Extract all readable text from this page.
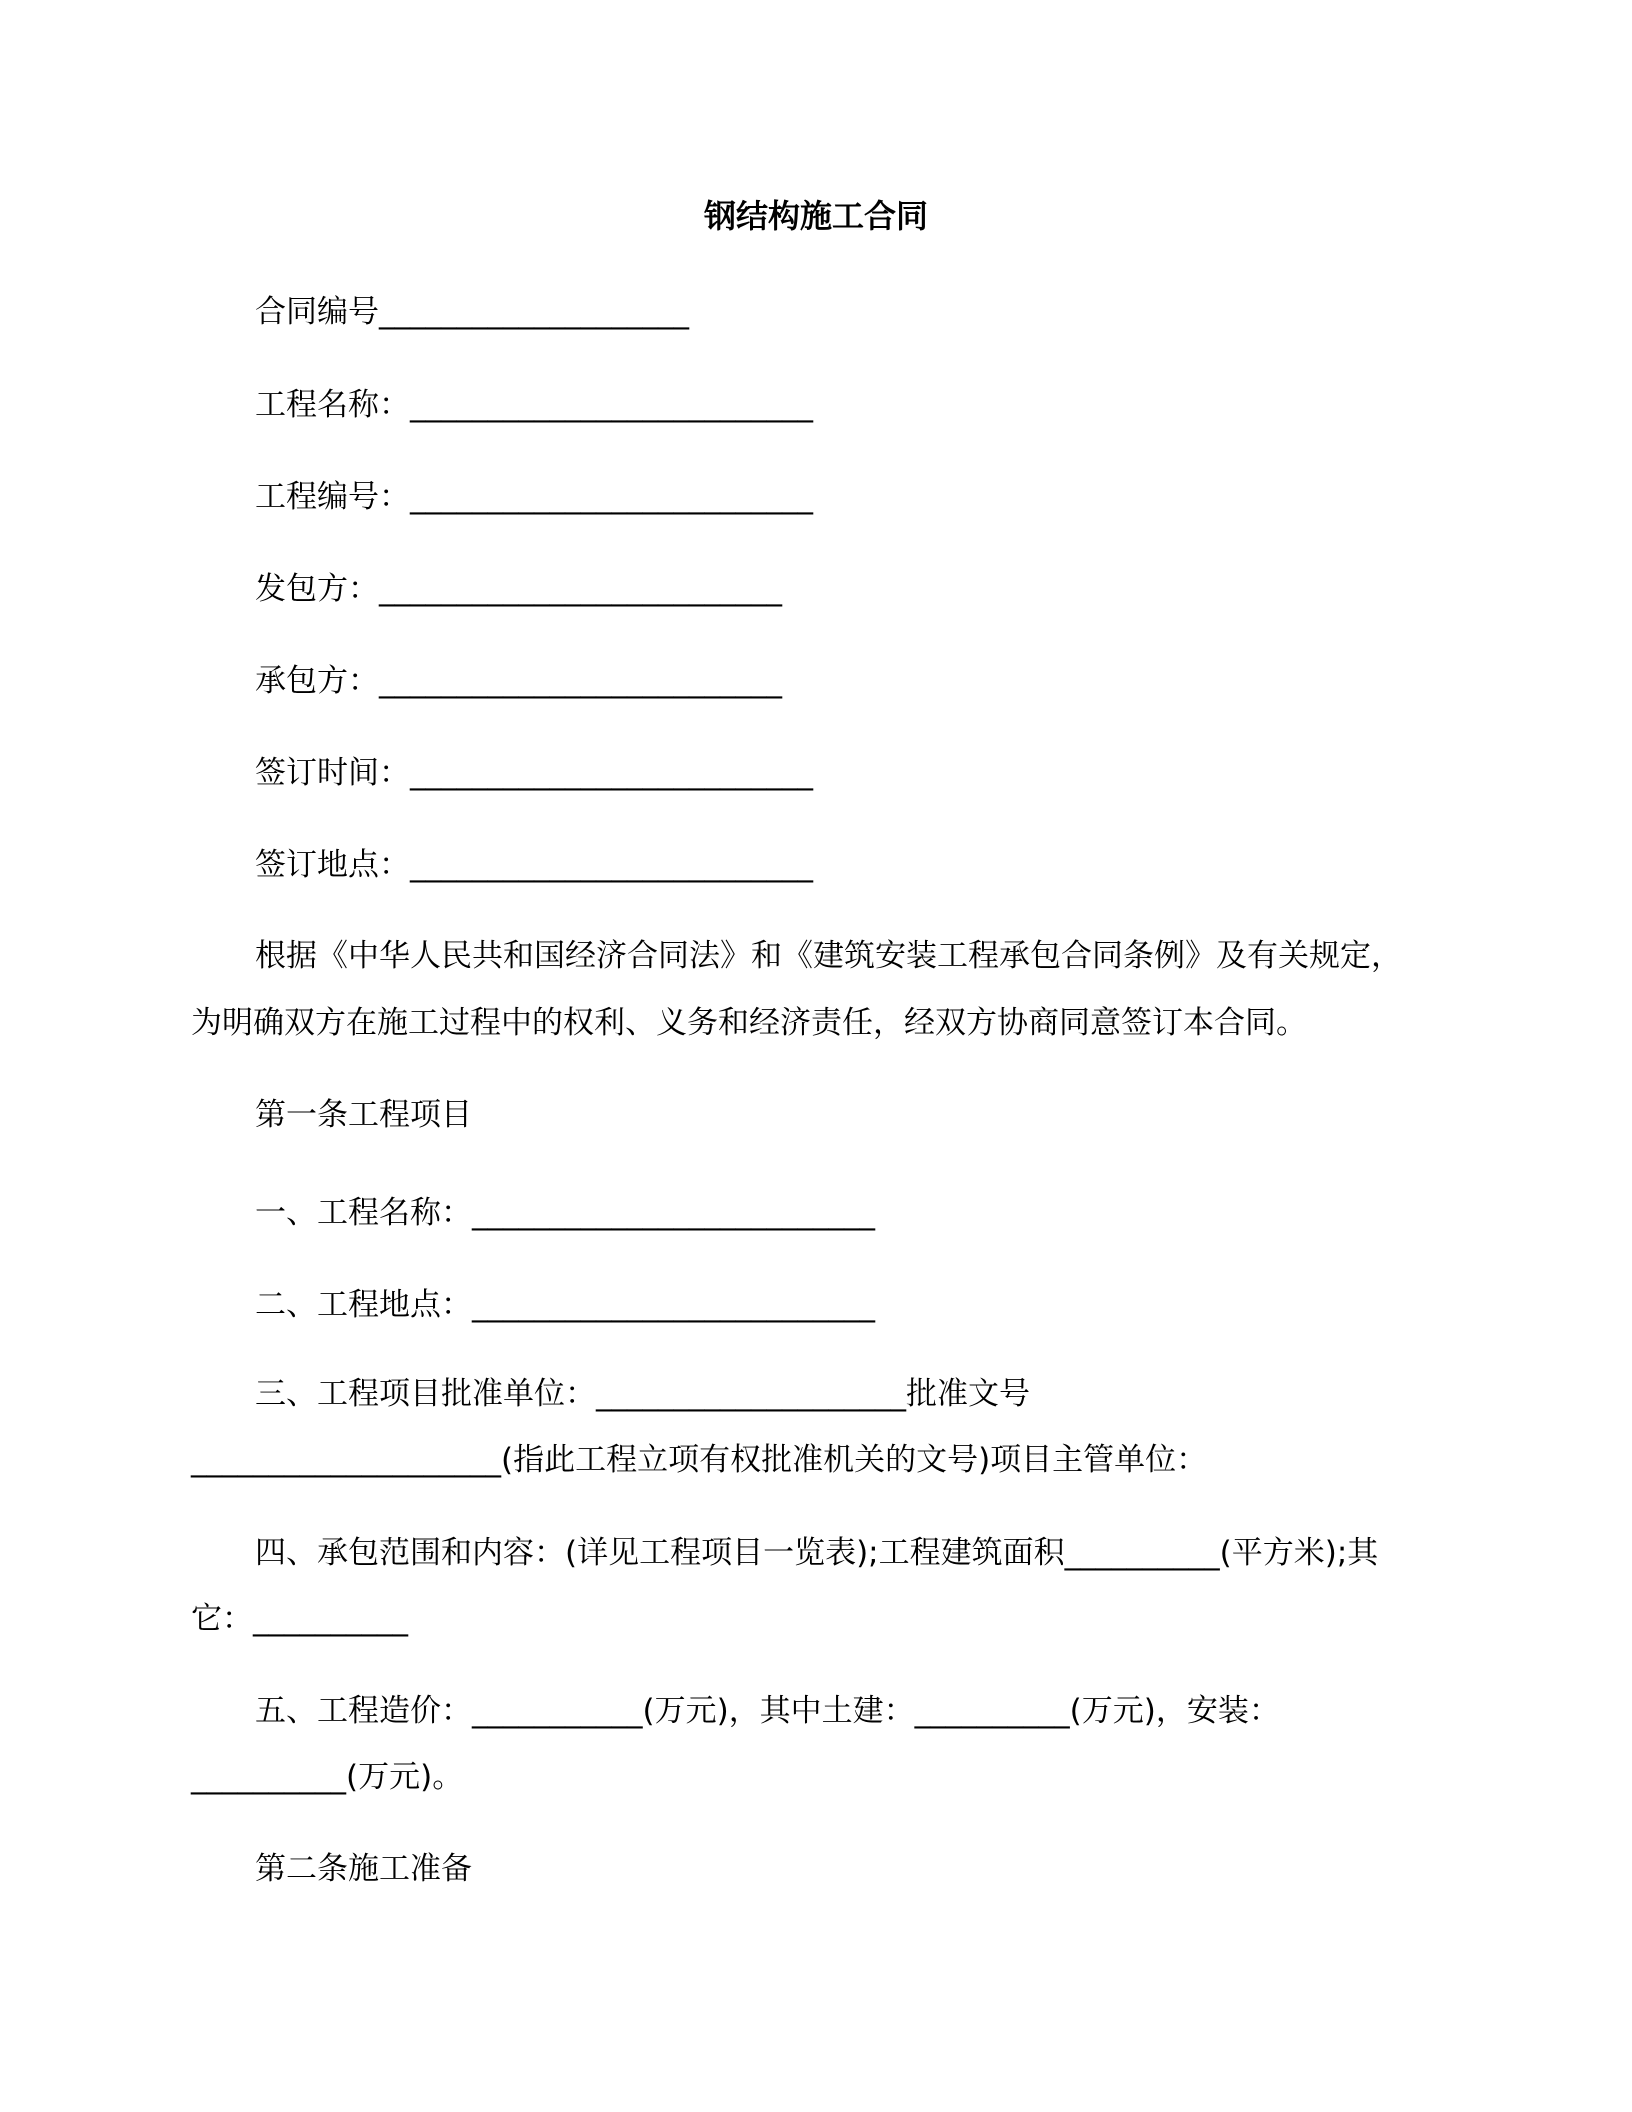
钢结构施工合同
合同编号____________________
工程名称：__________________________
工程编号：__________________________
发包方：__________________________
承包方：__________________________
签订时间：__________________________
签订地点：__________________________
根据《中华人民共和国经济合同法》和《建筑安装工程承包合同条例》及有关规定，
为明确双方在施工过程中的权利、义务和经济责任，经双方协商同意签订本合同。
第一条工程项目
一、工程名称：__________________________
二、工程地点：__________________________
三、工程项目批准单位：____________________批准文号
____________________(指此工程立项有权批准机关的文号)项目主管单位：
四、承包范围和内容：(详见工程项目一览表);工程建筑面积__________(平方米);其
它：__________
五、工程造价：___________(万元)，其中土建：__________(万元)，安装：
__________(万元)。
第二条施工准备
